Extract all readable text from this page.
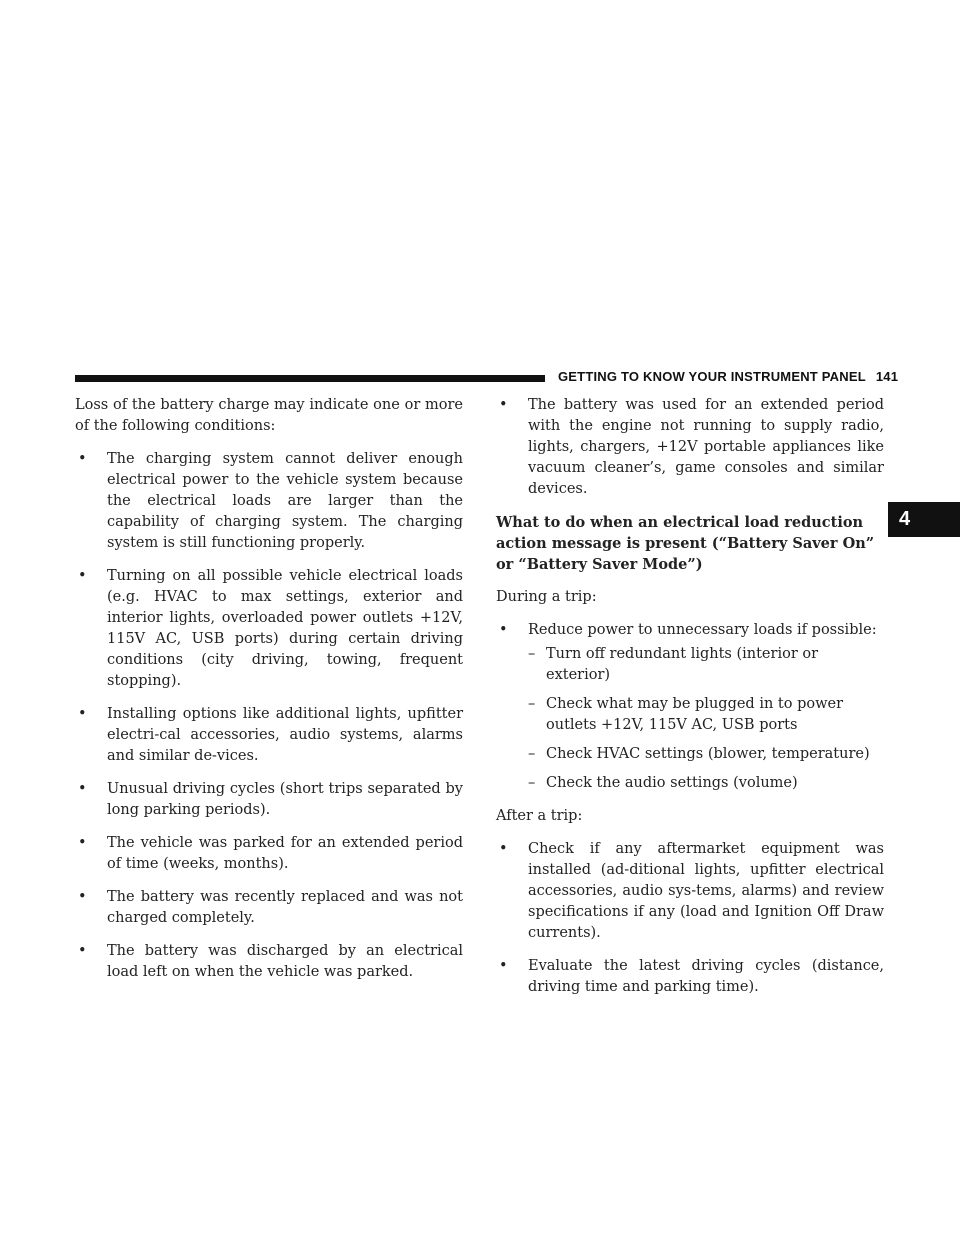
GETTING TO KNOW YOUR INSTRUMENT PANEL 141
4

Loss of the battery charge may indicate one or more of the following conditions:

• The charging system cannot deliver enough electrical power to the vehicle system because the electrical loads are larger than the capability of charging system. The charging system is still functioning properly.
• Turning on all possible vehicle electrical loads (e.g. HVAC to max settings, exterior and interior lights, overloaded power outlets +12V, 115V AC, USB ports) during certain driving conditions (city driving, towing, frequent stopping).
• Installing options like additional lights, upfitter electri-cal accessories, audio systems, alarms and similar de-vices.
• Unusual driving cycles (short trips separated by long parking periods).
• The vehicle was parked for an extended period of time (weeks, months).
• The battery was recently replaced and was not charged completely.
• The battery was discharged by an electrical load left on when the vehicle was parked.
• The battery was used for an extended period with the engine not running to supply radio, lights, chargers, +12V portable appliances like vacuum cleaner’s, game consoles and similar devices.

What to do when an electrical load reduction action message is present (“Battery Saver On” or “Battery Saver Mode”)

During a trip:

• Reduce power to unnecessary loads if possible:
– Turn off redundant lights (interior or exterior)
– Check what may be plugged in to power outlets +12V, 115V AC, USB ports
– Check HVAC settings (blower, temperature)
– Check the audio settings (volume)

After a trip:

• Check if any aftermarket equipment was installed (ad-ditional lights, upfitter electrical accessories, audio sys-tems, alarms) and review specifications if any (load and Ignition Off Draw currents).
• Evaluate the latest driving cycles (distance, driving time and parking time).
